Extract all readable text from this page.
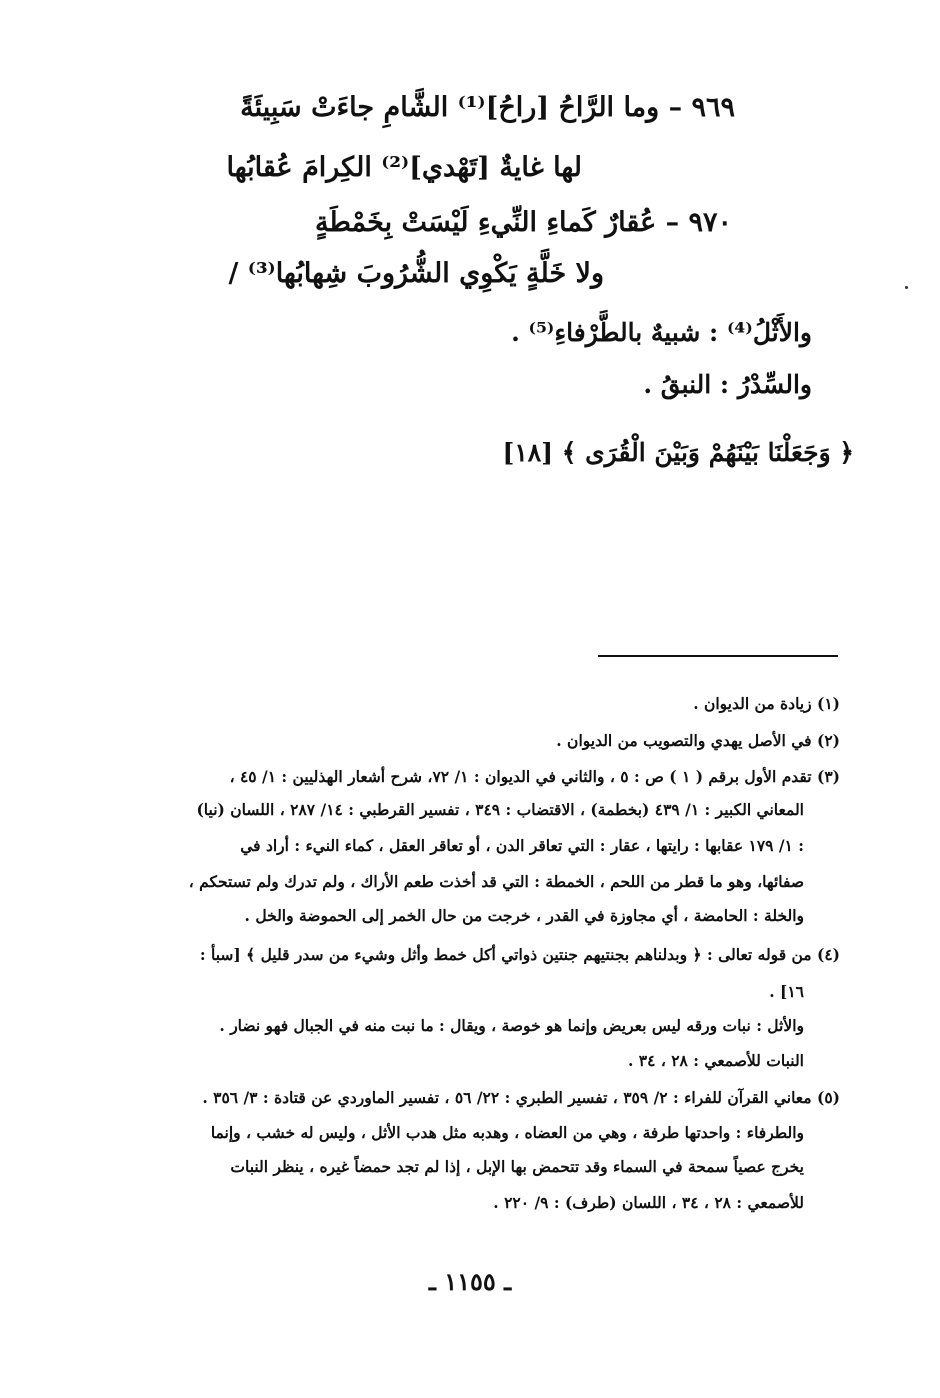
٩٦٩ – وما الرَّاحُ [راحُ]⁽¹⁾ الشَّامِ جاءَتْ سَبِيئَةً
لها غايةٌ [تَهْدي]⁽²⁾ الكِرامَ عُقابُها
٩٧٠ – عُقارٌ كَماءِ النِّيءِ لَيْسَتْ بِخَمْطَةٍ
ولا خَلَّةٍ يَكْوِي الشُّرُوبَ شِهابُها⁽³⁾ /
والأَثْلُ⁽⁴⁾ : شبيهٌ بالطَّرْفاءِ⁽⁵⁾ .
والسِّدْرُ : النبقُ .
﴿ وَجَعَلْنَا بَيْنَهُمْ وَبَيْنَ الْقُرَى ﴾ [١٨]
(١) زيادة من الديوان .
(٢) في الأصل يهدي والتصويب من الديوان .
(٣) تقدم الأول برقم ( ١ ) ص : ٥ ، والثاني في الديوان : ١/ ٧٢، شرح أشعار الهذليين : ١/ ٤٥ ،
المعاني الكبير : ١/ ٤٣٩ (بخطمة) ، الاقتضاب : ٣٤٩ ، تفسير القرطبي : ١٤/ ٢٨٧ ، اللسان (نيا)
: ١/ ١٧٩ عقابها : رايتها ، عقار : التي تعاقر الدن ، أو تعاقر العقل ، كماء النيء : أراد في
صفائها، وهو ما قطر من اللحم ، الخمطة : التي قد أخذت طعم الأراك ، ولم تدرك ولم تستحكم ،
والخلة : الحامضة ، أي مجاوزة في القدر ، خرجت من حال الخمر إلى الحموضة والخل .
(٤) من قوله تعالى : ﴿ وبدلناهم بجنتيهم جنتين ذواتي أكل خمط وأثل وشيء من سدر قليل ﴾ [سبأ :
١٦] .
والأثل : نبات ورقه ليس بعريض وإنما هو خوصة ، ويقال : ما نبت منه في الجبال فهو نضار .
النبات للأصمعي : ٢٨ ، ٣٤ .
(٥) معاني القرآن للفراء : ٢/ ٣٥٩ ، تفسير الطبري : ٢٢/ ٥٦ ، تفسير الماوردي عن قتادة : ٣/ ٣٥٦ .
والطرفاء : واحدتها طرفة ، وهي من العضاه ، وهدبه مثل هدب الأثل ، وليس له خشب ، وإنما
يخرج عصياً سمحة في السماء وقد تتحمض بها الإبل ، إذا لم تجد حمضاً غيره ، ينظر النبات
للأصمعي : ٢٨ ، ٣٤ ، اللسان (طرف) : ٩/ ٢٢٠ .
ـ ١١٥٥ ـ
